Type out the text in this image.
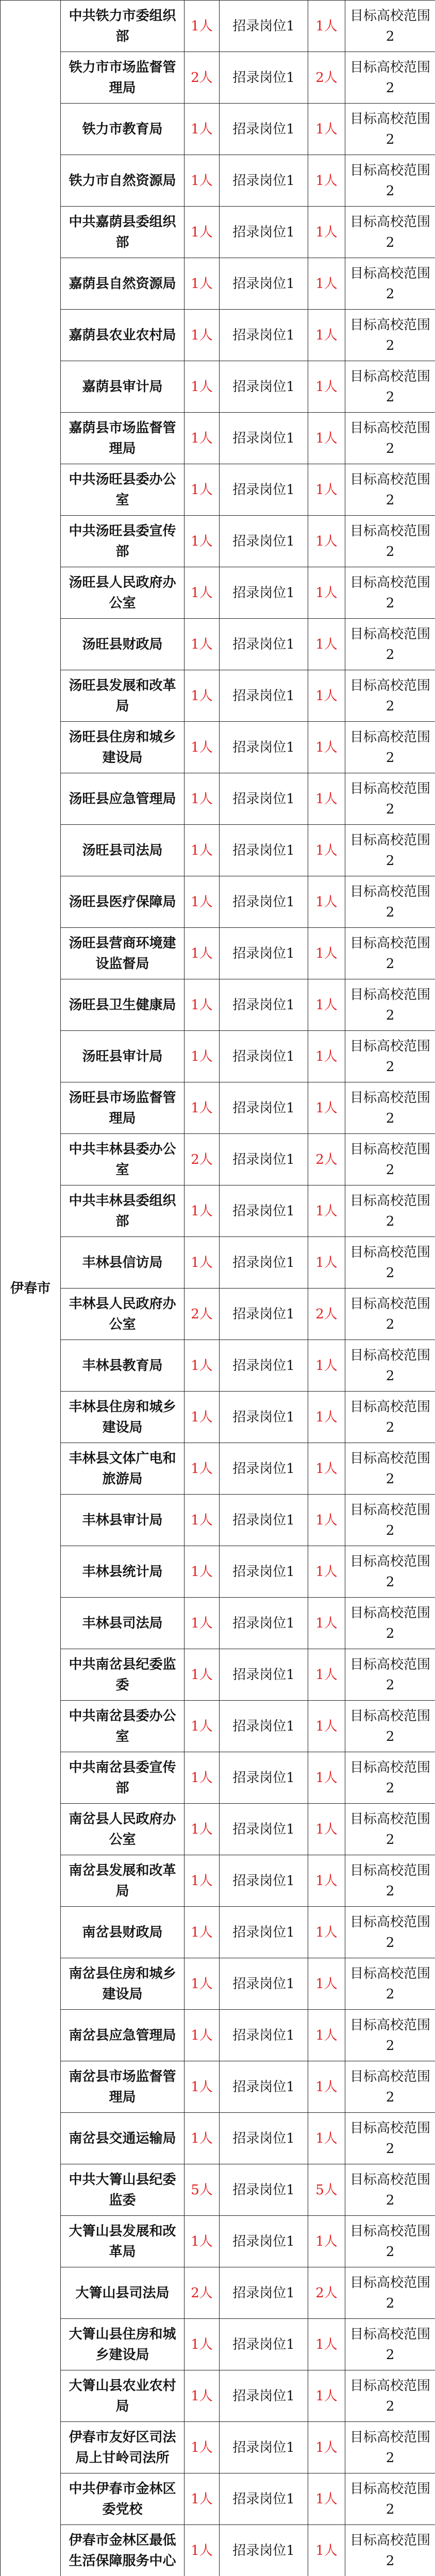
伊春市	中共铁力市委组织部	1人	招录岗位1	1人	目标高校范围2
	铁力市市场监督管理局	2人	招录岗位1	2人	目标高校范围2
	铁力市教育局	1人	招录岗位1	1人	目标高校范围2
	铁力市自然资源局	1人	招录岗位1	1人	目标高校范围2
	中共嘉荫县委组织部	1人	招录岗位1	1人	目标高校范围2
	嘉荫县自然资源局	1人	招录岗位1	1人	目标高校范围2
	嘉荫县农业农村局	1人	招录岗位1	1人	目标高校范围2
	嘉荫县审计局	1人	招录岗位1	1人	目标高校范围2
	嘉荫县市场监督管理局	1人	招录岗位1	1人	目标高校范围2
	中共汤旺县委办公室	1人	招录岗位1	1人	目标高校范围2
	中共汤旺县委宣传部	1人	招录岗位1	1人	目标高校范围2
	汤旺县人民政府办公室	1人	招录岗位1	1人	目标高校范围2
	汤旺县财政局	1人	招录岗位1	1人	目标高校范围2
	汤旺县发展和改革局	1人	招录岗位1	1人	目标高校范围2
	汤旺县住房和城乡建设局	1人	招录岗位1	1人	目标高校范围2
	汤旺县应急管理局	1人	招录岗位1	1人	目标高校范围2
	汤旺县司法局	1人	招录岗位1	1人	目标高校范围2
	汤旺县医疗保障局	1人	招录岗位1	1人	目标高校范围2
	汤旺县营商环境建设监督局	1人	招录岗位1	1人	目标高校范围2
	汤旺县卫生健康局	1人	招录岗位1	1人	目标高校范围2
	汤旺县审计局	1人	招录岗位1	1人	目标高校范围2
	汤旺县市场监督管理局	1人	招录岗位1	1人	目标高校范围2
	中共丰林县委办公室	2人	招录岗位1	2人	目标高校范围2
	中共丰林县委组织部	1人	招录岗位1	1人	目标高校范围2
	丰林县信访局	1人	招录岗位1	1人	目标高校范围2
	丰林县人民政府办公室	2人	招录岗位1	2人	目标高校范围2
	丰林县教育局	1人	招录岗位1	1人	目标高校范围2
	丰林县住房和城乡建设局	1人	招录岗位1	1人	目标高校范围2
	丰林县文体广电和旅游局	1人	招录岗位1	1人	目标高校范围2
	丰林县审计局	1人	招录岗位1	1人	目标高校范围2
	丰林县统计局	1人	招录岗位1	1人	目标高校范围2
	丰林县司法局	1人	招录岗位1	1人	目标高校范围2
	中共南岔县纪委监委	1人	招录岗位1	1人	目标高校范围2
	中共南岔县委办公室	1人	招录岗位1	1人	目标高校范围2
	中共南岔县委宣传部	1人	招录岗位1	1人	目标高校范围2
	南岔县人民政府办公室	1人	招录岗位1	1人	目标高校范围2
	南岔县发展和改革局	1人	招录岗位1	1人	目标高校范围2
	南岔县财政局	1人	招录岗位1	1人	目标高校范围2
	南岔县住房和城乡建设局	1人	招录岗位1	1人	目标高校范围2
	南岔县应急管理局	1人	招录岗位1	1人	目标高校范围2
	南岔县市场监督管理局	1人	招录岗位1	1人	目标高校范围2
	南岔县交通运输局	1人	招录岗位1	1人	目标高校范围2
	中共大箐山县纪委监委	5人	招录岗位1	5人	目标高校范围2
	大箐山县发展和改革局	1人	招录岗位1	1人	目标高校范围2
	大箐山县司法局	2人	招录岗位1	2人	目标高校范围2
	大箐山县住房和城乡建设局	1人	招录岗位1	1人	目标高校范围2
	大箐山县农业农村局	1人	招录岗位1	1人	目标高校范围2
	伊春市友好区司法局上甘岭司法所	1人	招录岗位1	1人	目标高校范围2
	中共伊春市金林区委党校	1人	招录岗位1	1人	目标高校范围2
	伊春市金林区最低生活保障服务中心	1人	招录岗位1	1人	目标高校范围2
